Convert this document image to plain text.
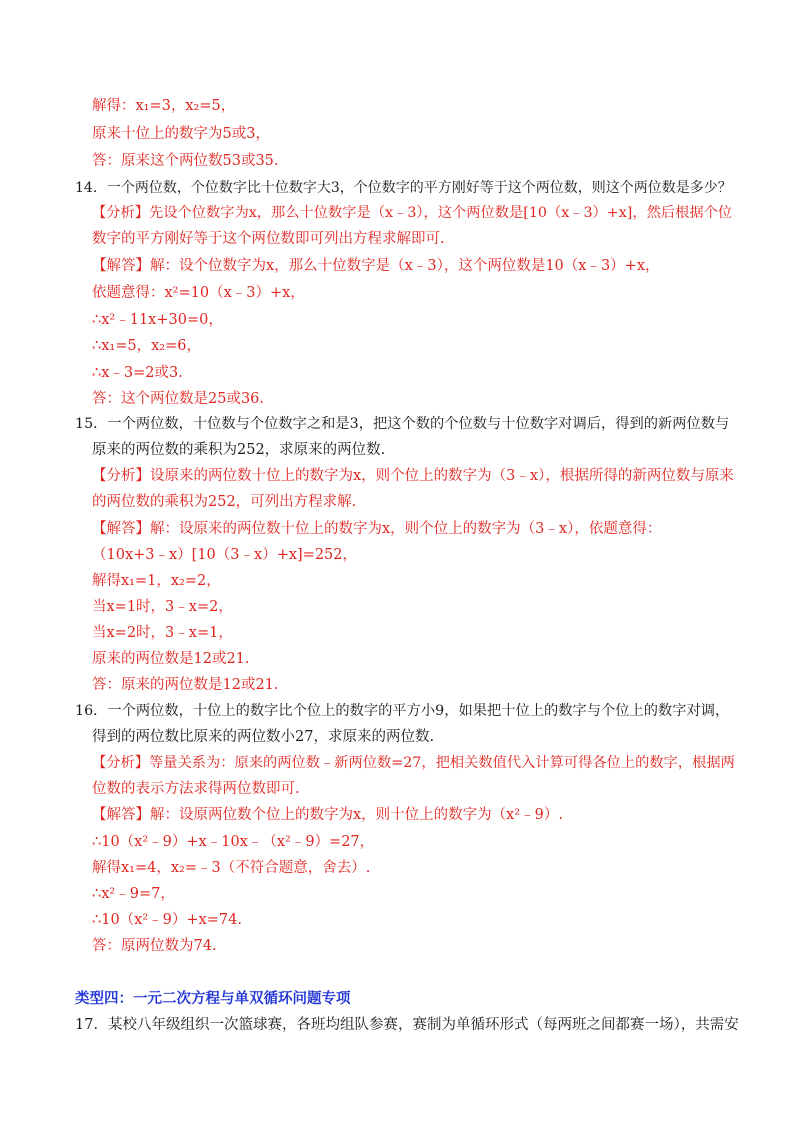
解得：x₁=3，x₂=5，
原来十位上的数字为5或3，
答：原来这个两位数53或35.
14．一个两位数，个位数字比十位数字大3，个位数字的平方刚好等于这个两位数，则这个两位数是多少？
【分析】先设个位数字为x，那么十位数字是（x﹣3），这个两位数是[10（x﹣3）+x]，然后根据个位
数字的平方刚好等于这个两位数即可列出方程求解即可.
【解答】解：设个位数字为x，那么十位数字是（x﹣3），这个两位数是10（x﹣3）+x，
依题意得：x²=10（x﹣3）+x，
∴x²﹣11x+30=0，
∴x₁=5，x₂=6，
∴x﹣3=2或3.
答：这个两位数是25或36.
15．一个两位数，十位数与个位数字之和是3，把这个数的个位数与十位数字对调后，得到的新两位数与
原来的两位数的乘积为252，求原来的两位数.
【分析】设原来的两位数十位上的数字为x，则个位上的数字为（3﹣x），根据所得的新两位数与原来
的两位数的乘积为252，可列出方程求解.
【解答】解：设原来的两位数十位上的数字为x，则个位上的数字为（3﹣x），依题意得：
（10x+3﹣x）[10（3﹣x）+x]=252，
解得x₁=1，x₂=2，
当x=1时，3﹣x=2，
当x=2时，3﹣x=1，
原来的两位数是12或21.
答：原来的两位数是12或21.
16．一个两位数，十位上的数字比个位上的数字的平方小9，如果把十位上的数字与个位上的数字对调，
得到的两位数比原来的两位数小27，求原来的两位数.
【分析】等量关系为：原来的两位数﹣新两位数=27，把相关数值代入计算可得各位上的数字，根据两
位数的表示方法求得两位数即可.
【解答】解：设原两位数个位上的数字为x，则十位上的数字为（x²﹣9）.
∴10（x²﹣9）+x﹣10x﹣（x²﹣9）=27，
解得x₁=4，x₂=﹣3（不符合题意，舍去）.
∴x²﹣9=7，
∴10（x²﹣9）+x=74.
答：原两位数为74.
类型四：一元二次方程与单双循环问题专项
17．某校八年级组织一次篮球赛，各班均组队参赛，赛制为单循环形式（每两班之间都赛一场），共需安
